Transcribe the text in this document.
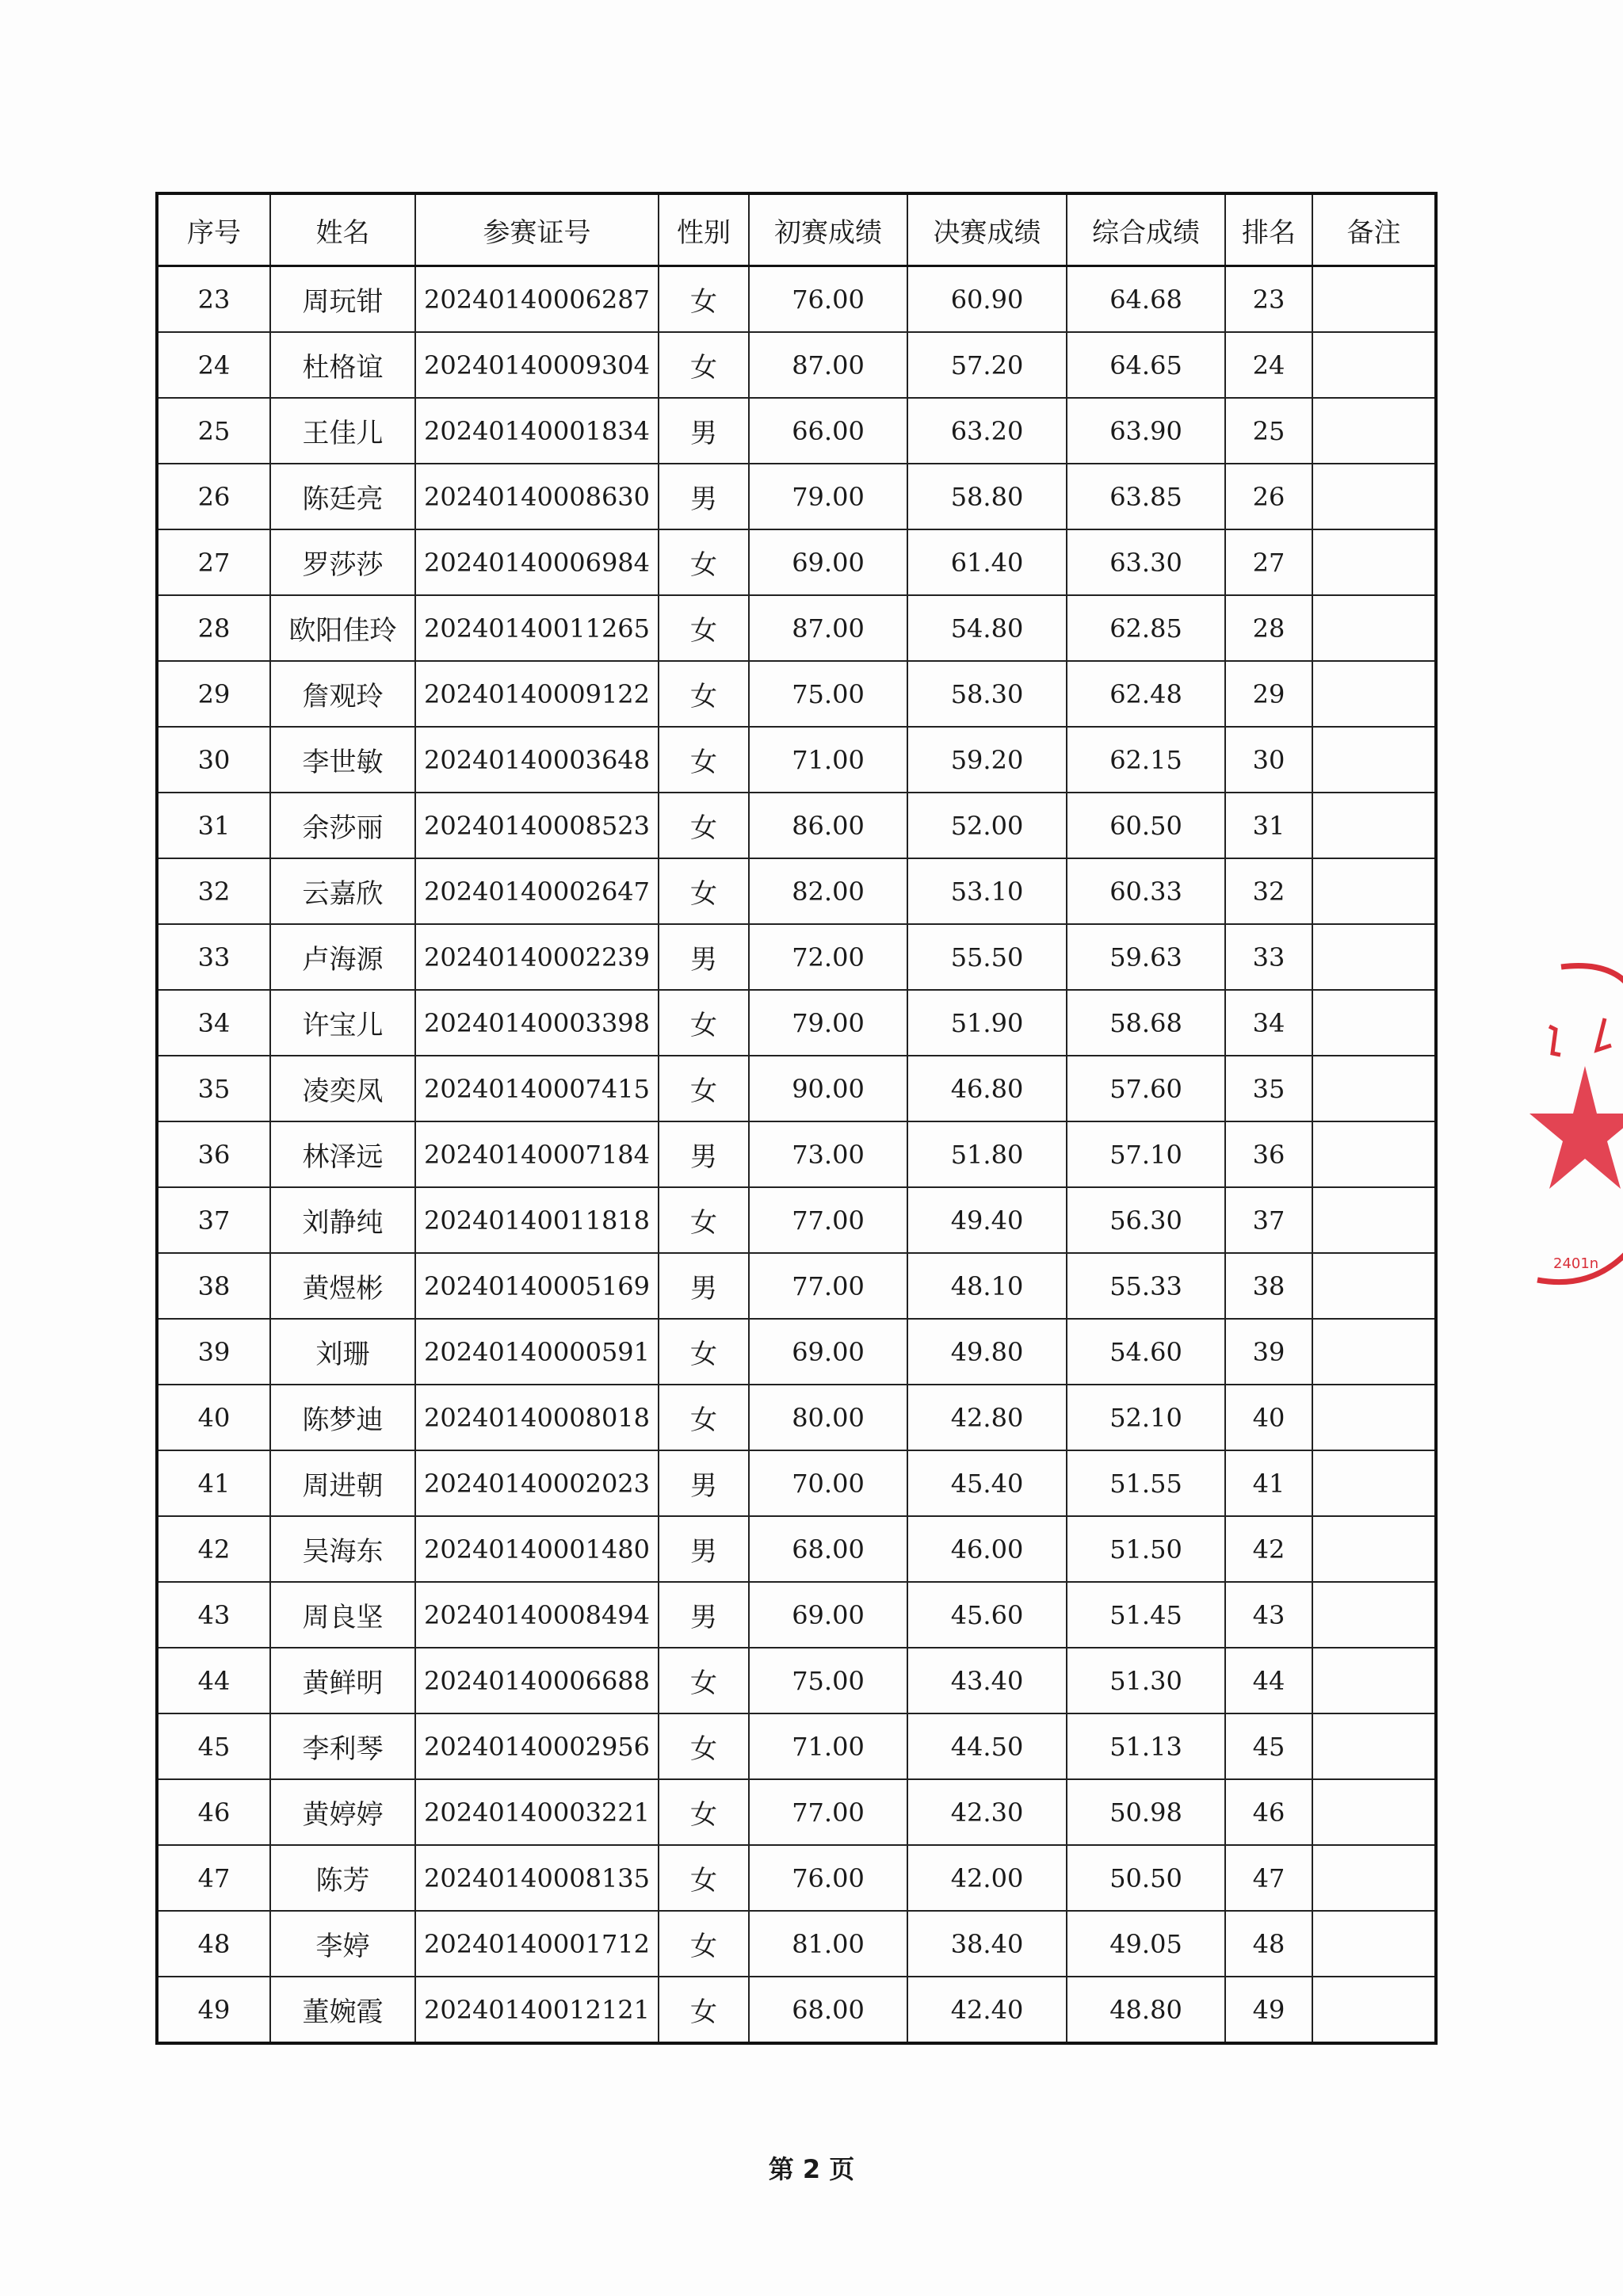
序号	姓名	参赛证号	性别	初赛成绩	决赛成绩	综合成绩	排名	备注
23	周玩钳	20240140006287	女	76.00	60.90	64.68	23	
24	杜格谊	20240140009304	女	87.00	57.20	64.65	24	
25	王佳儿	20240140001834	男	66.00	63.20	63.90	25	
26	陈廷亮	20240140008630	男	79.00	58.80	63.85	26	
27	罗莎莎	20240140006984	女	69.00	61.40	63.30	27	
28	欧阳佳玲	20240140011265	女	87.00	54.80	62.85	28	
29	詹观玲	20240140009122	女	75.00	58.30	62.48	29	
30	李世敏	20240140003648	女	71.00	59.20	62.15	30	
31	余莎丽	20240140008523	女	86.00	52.00	60.50	31	
32	云嘉欣	20240140002647	女	82.00	53.10	60.33	32	
33	卢海源	20240140002239	男	72.00	55.50	59.63	33	
34	许宝儿	20240140003398	女	79.00	51.90	58.68	34	
35	凌奕凤	20240140007415	女	90.00	46.80	57.60	35	
36	林泽远	20240140007184	男	73.00	51.80	57.10	36	
37	刘静纯	20240140011818	女	77.00	49.40	56.30	37	
38	黄煜彬	20240140005169	男	77.00	48.10	55.33	38	
39	刘珊	20240140000591	女	69.00	49.80	54.60	39	
40	陈梦迪	20240140008018	女	80.00	42.80	52.10	40	
41	周进朝	20240140002023	男	70.00	45.40	51.55	41	
42	吴海东	20240140001480	男	68.00	46.00	51.50	42	
43	周良坚	20240140008494	男	69.00	45.60	51.45	43	
44	黄鲜明	20240140006688	女	75.00	43.40	51.30	44	
45	李利琴	20240140002956	女	71.00	44.50	51.13	45	
46	黄婷婷	20240140003221	女	77.00	42.30	50.98	46	
47	陈芳	20240140008135	女	76.00	42.00	50.50	47	
48	李婷	20240140001712	女	81.00	38.40	49.05	48	
49	董婉霞	20240140012121	女	68.00	42.40	48.80	49	
第 2 页
2401n
